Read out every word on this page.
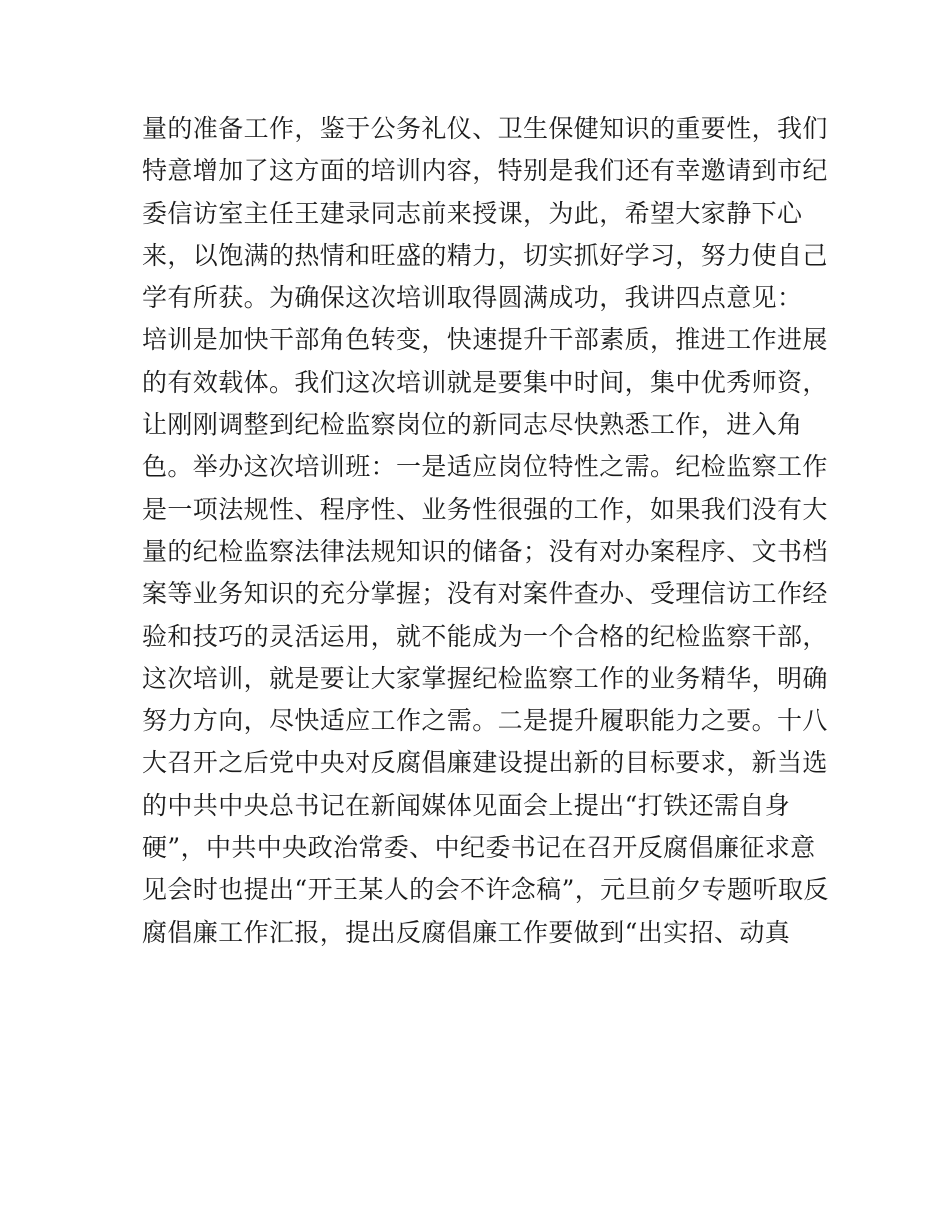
量的准备工作，鉴于公务礼仪、卫生保健知识的重要性，我们
特意增加了这方面的培训内容，特别是我们还有幸邀请到市纪
委信访室主任王建录同志前来授课，为此，希望大家静下心
来，以饱满的热情和旺盛的精力，切实抓好学习，努力使自己
学有所获。为确保这次培训取得圆满成功，我讲四点意见：
培训是加快干部角色转变，快速提升干部素质，推进工作进展
的有效载体。我们这次培训就是要集中时间，集中优秀师资，
让刚刚调整到纪检监察岗位的新同志尽快熟悉工作，进入角
色。举办这次培训班：一是适应岗位特性之需。纪检监察工作
是一项法规性、程序性、业务性很强的工作，如果我们没有大
量的纪检监察法律法规知识的储备；没有对办案程序、文书档
案等业务知识的充分掌握；没有对案件查办、受理信访工作经
验和技巧的灵活运用，就不能成为一个合格的纪检监察干部，
这次培训，就是要让大家掌握纪检监察工作的业务精华，明确
努力方向，尽快适应工作之需。二是提升履职能力之要。十八
大召开之后党中央对反腐倡廉建设提出新的目标要求，新当选
的中共中央总书记在新闻媒体见面会上提出“打铁还需自身
硬”，中共中央政治常委、中纪委书记在召开反腐倡廉征求意
见会时也提出“开王某人的会不许念稿”，元旦前夕专题听取反
腐倡廉工作汇报，提出反腐倡廉工作要做到“出实招、动真
